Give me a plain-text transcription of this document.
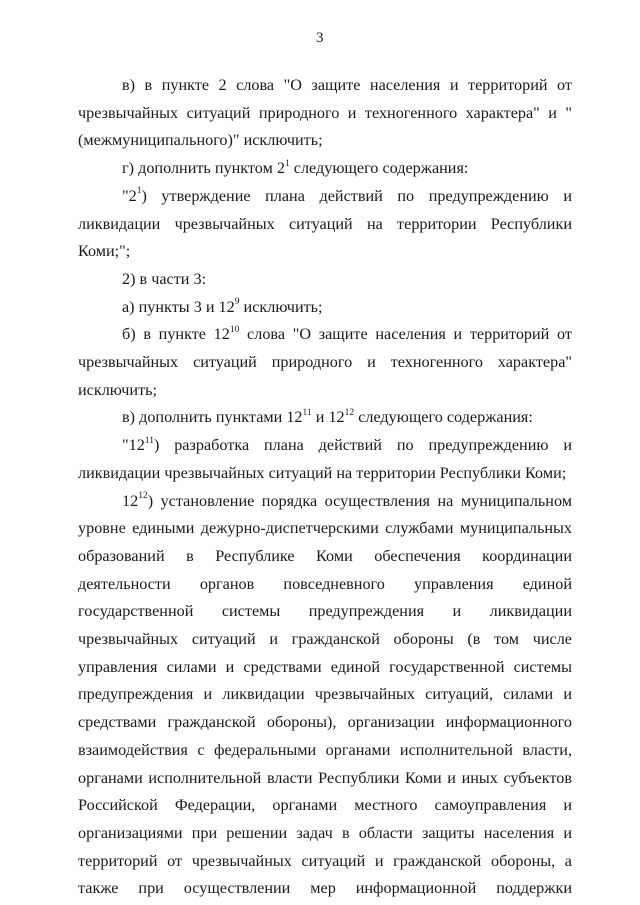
3

в) в пункте 2 слова "О защите населения и территорий от чрезвычайных ситуаций природного и техногенного характера" и "(межмуниципального)" исключить;

г) дополнить пунктом $2^1$ следующего содержания:

"$2^1$) утверждение плана действий по предупреждению и ликвидации чрезвычайных ситуаций на территории Республики Коми;";

2) в части 3:

а) пункты 3 и $12^9$ исключить;

б) в пункте $12^{10}$ слова "О защите населения и территорий от чрезвычайных ситуаций природного и техногенного характера" исключить;

в) дополнить пунктами $12^{11}$ и $12^{12}$ следующего содержания:

"$12^{11}$) разработка плана действий по предупреждению и ликвидации чрезвычайных ситуаций на территории Республики Коми;

$12^{12}$) установление порядка осуществления на муниципальном уровне едиными дежурно-диспетчерскими службами муниципальных образований в Республике Коми обеспечения координации деятельности органов повседневного управления единой государственной системы предупреждения и ликвидации чрезвычайных ситуаций и гражданской обороны (в том числе управления силами и средствами единой государственной системы предупреждения и ликвидации чрезвычайных ситуаций, силами и средствами гражданской обороны), организации информационного взаимодействия с федеральными органами исполнительной власти, органами исполнительной власти Республики Коми и иных субъектов Российской Федерации, органами местного самоуправления и организациями при решении задач в области защиты населения и территорий от чрезвычайных ситуаций и гражданской обороны, а также при осуществлении мер информационной поддержки
